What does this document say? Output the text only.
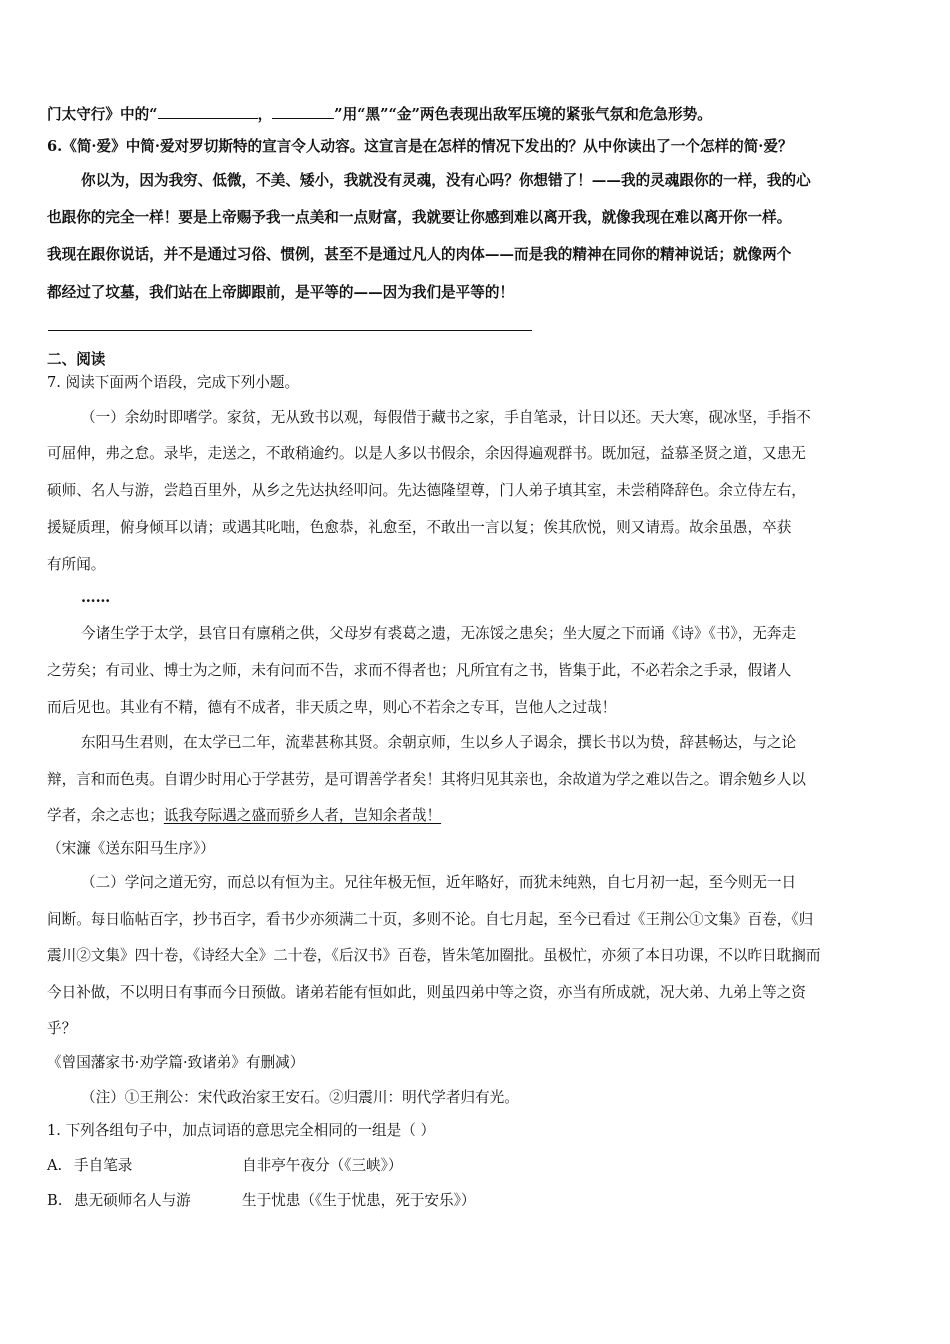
门太守行》中的“	，	”用“黑”“金”两色表现出敌军压境的紧张气氛和危急形势。
6.《简·爱》中简·爱对罗切斯特的宣言令人动容。这宣言是在怎样的情况下发出的？从中你读出了一个怎样的简·爱？
你以为，因为我穷、低微，不美、矮小，我就没有灵魂，没有心吗？你想错了！——我的灵魂跟你的一样，我的心
也跟你的完全一样！要是上帝赐予我一点美和一点财富，我就要让你感到难以离开我，就像我现在难以离开你一样。
我现在跟你说话，并不是通过习俗、惯例，甚至不是通过凡人的肉体——而是我的精神在同你的精神说话；就像两个
都经过了坟墓，我们站在上帝脚跟前，是平等的——因为我们是平等的！
二、阅读
7. 阅读下面两个语段，完成下列小题。
（一）余幼时即嗜学。家贫，无从致书以观，每假借于藏书之家，手自笔录，计日以还。天大寒，砚冰坚，手指不
可屈伸，弗之怠。录毕，走送之，不敢稍逾约。以是人多以书假余，余因得遍观群书。既加冠，益慕圣贤之道，又患无
硕师、名人与游，尝趋百里外，从乡之先达执经叩问。先达德隆望尊，门人弟子填其室，未尝稍降辞色。余立侍左右，
援疑质理，俯身倾耳以请；或遇其叱咄，色愈恭，礼愈至，不敢出一言以复；俟其欣悦，则又请焉。故余虽愚，卒获
有所闻。
……
今诸生学于太学，县官日有廪稍之供，父母岁有裘葛之遗，无冻馁之患矣；坐大厦之下而诵《诗》《书》，无奔走
之劳矣；有司业、博士为之师，未有问而不告，求而不得者也；凡所宜有之书，皆集于此，不必若余之手录，假诸人
而后见也。其业有不精，德有不成者，非天质之卑，则心不若余之专耳，岂他人之过哉！
东阳马生君则，在太学已二年，流辈甚称其贤。余朝京师，生以乡人子谒余，撰长书以为贽，辞甚畅达，与之论
辩，言和而色夷。自谓少时用心于学甚劳，是可谓善学者矣！其将归见其亲也，余故道为学之难以告之。谓余勉乡人以
学者，余之志也；诋我夸际遇之盛而骄乡人者，岂知余者哉！
（宋濂《送东阳马生序》）
（二）学问之道无穷，而总以有恒为主。兄往年极无恒，近年略好，而犹未纯熟，自七月初一起，至今则无一日
间断。每日临帖百字，抄书百字，看书少亦须满二十页，多则不论。自七月起，至今已看过《王荆公①文集》百卷，《归
震川②文集》四十卷，《诗经大全》二十卷，《后汉书》百卷，皆朱笔加圈批。虽极忙，亦须了本日功课，不以昨日耽搁而
今日补做，不以明日有事而今日预做。诸弟若能有恒如此，则虽四弟中等之资，亦当有所成就，况大弟、九弟上等之资
乎？
《曾国藩家书·劝学篇·致诸弟》有删减）
（注）①王荆公：宋代政治家王安石。②归震川：明代学者归有光。
1. 下列各组句子中，加点词语的意思完全相同的一组是（ ）
A. 手自笔录	自非亭午夜分（《三峡》）
B. 患无硕师名人与游	生于忧患（《生于忧患，死于安乐》）
